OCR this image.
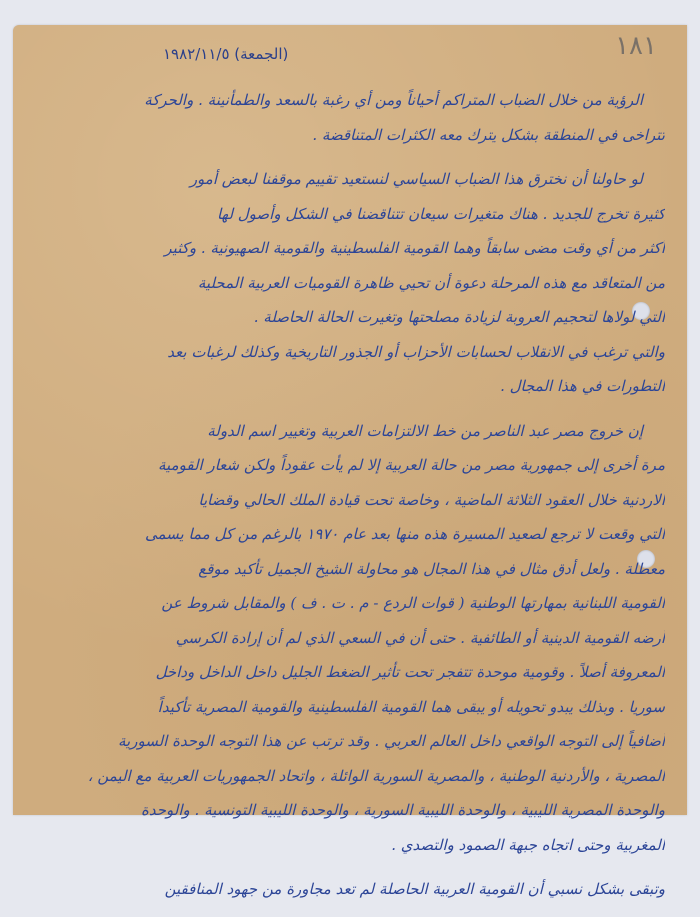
١٨١
(الجمعة) ١٩٨٢/١١/٥
الرؤية من خلال الضباب المتراكم أحياناً ومن أي رغبة بالسعد والطمأنينة . والحركة
تتراخى في المنطقة بشكل يترك معه الكثرات المتناقضة .
لو حاولنا أن نخترق هذا الضباب السياسي لنستعيد تقييم موقفنا لبعض أمور
كثيرة تخرج للجديد . هناك متغيرات سيعان تتناقضنا في الشكل وأصول لها
أكثر من أي وقت مضى سابقاً وهما القومية الفلسطينية والقومية الصهيونية . وكثير
من المتعاقد مع هذه المرحلة دعوة أن تحيي ظاهرة القوميات العربية المحلية
التي لولاها لتحجيم العروبة لزيادة مصلحتها وتغيرت الحالة الحاصلة .
والتي ترغب في الانقلاب لحسابات الأحزاب أو الجذور التاريخية وكذلك لرغبات بعد
التطورات في هذا المجال .
إن خروج مصر عبد الناصر من خط الالتزامات العربية وتغيير اسم الدولة
مرة أخرى إلى جمهورية مصر من حالة العربية إلا لم يأت عقوداً ولكن شعار القومية
الاردنية خلال العقود الثلاثة الماضية ، وخاصة تحت قيادة الملك الحالي وقضايا
التي وقعت لا ترجع لصعيد المسيرة هذه منها بعد عام ١٩٧٠ بالرغم من كل مما يسمى
معطلة . ولعل أدق مثال في هذا المجال هو محاولة الشيخ الجميل تأكيد موقع
القومية اللبنانية بمهارتها الوطنية ( قوات الردع - م . ت . ف ) والمقابل شروط عن
أرضه القومية الدينية أو الطائفية . حتى أن في السعي الذي لم أن إرادة الكرسي
المعروفة أصلاً . وقومية موحدة تتفجر تحت تأثير الضغط الجليل داخل الداخل وداخل
سوريا . وبذلك يبدو تحويله أو يبقى هما القومية الفلسطينية والقومية المصرية تأكيداً
أضافياً إلى التوجه الواقعي داخل العالم العربي . وقد ترتب عن هذا التوجه الوحدة السورية
المصرية ، والأردنية الوطنية ، والمصرية السورية الوائلة ، واتحاد الجمهوريات العربية مع اليمن ،
والوحدة المصرية الليبية ، والوحدة الليبية السورية ، والوحدة الليبية التونسية . والوحدة
المغربية وحتى اتجاه جبهة الصمود والتصدي .
وتبقى بشكل نسبي أن القومية العربية الحاصلة لم تعد مجاورة من جهود المنافقين
